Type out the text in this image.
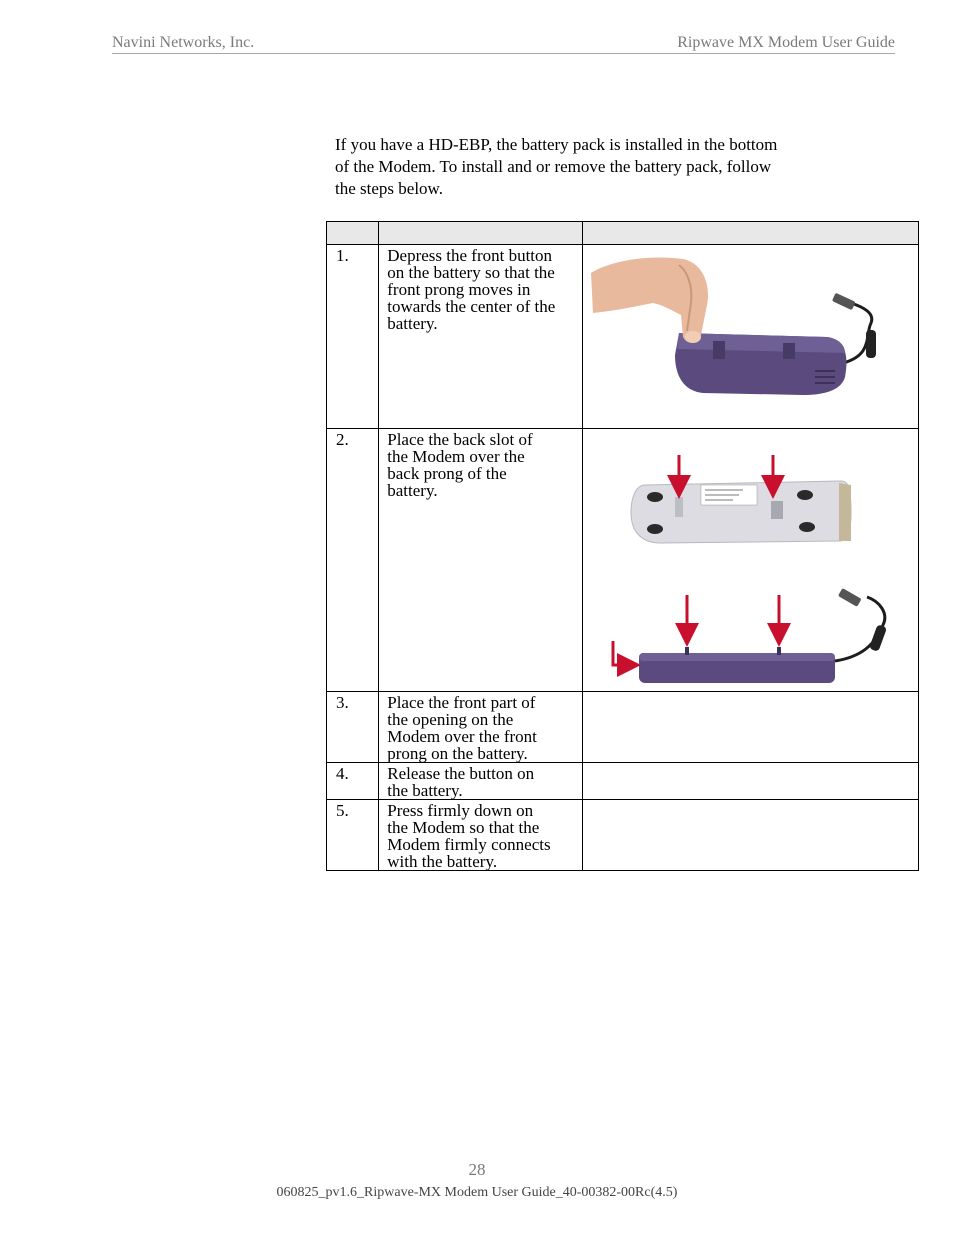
Navini Networks, Inc.	Ripwave MX Modem User Guide
If you have a HD-EBP, the battery pack is installed in the bottom
of the Modem. To install and or remove the battery pack, follow
the steps below.

1.	Depress the front button
on the battery so that the
front prong moves in
towards the center of the
battery.

2.	Place the back slot of
the Modem over the
back prong of the
battery.

3.	Place the front part of
the opening on the
Modem over the front
prong on the battery.	

4.	Release the button on
the battery.	

5.	Press firmly down on
the Modem so that the
Modem firmly connects
with the battery.	

28
060825_pv1.6_Ripwave-MX Modem User Guide_40-00382-00Rc(4.5)
